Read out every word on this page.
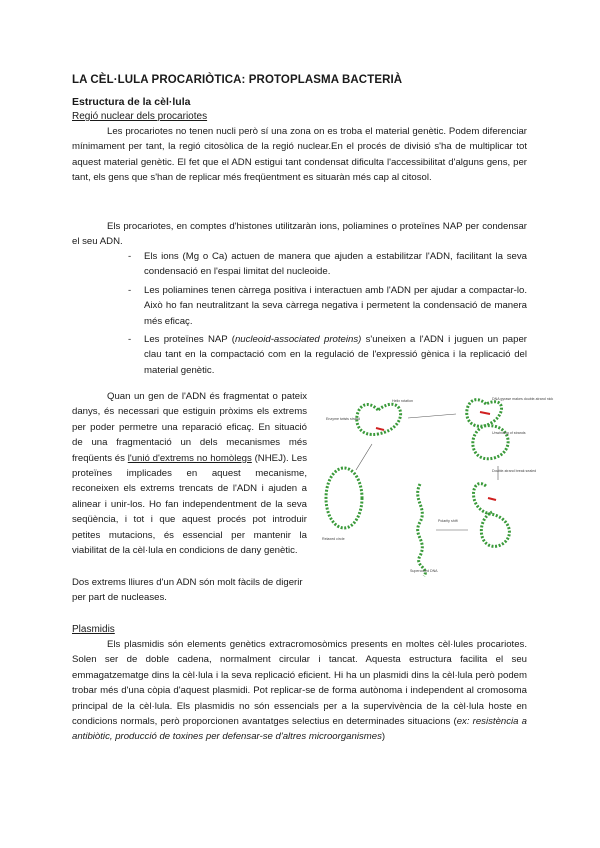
LA CÈL·LULA PROCARIÒTICA: PROTOPLASMA BACTERIÀ
Estructura de la cèl·lula
Regió nuclear dels procariotes

Les procariotes no tenen nucli però sí una zona on es troba el material genètic. Podem diferenciar mínimament per tant, la regió citosòlica de la regió nuclear.En el procés de divisió s'ha de multiplicar tot aquest material genètic. El fet que el ADN estigui tant condensat dificulta l'accessibilitat d'alguns gens, per tant, els gens que s'han de replicar més freqüentment es situaràn més cap al citosol.

Els procariotes, en comptes d'histones utilitzaràn ions, poliamines o proteïnes NAP per condensar el seu ADN.

- Els ions (Mg o Ca) actuen de manera que ajuden a estabilitzar l'ADN, facilitant la seva condensació en l'espai limitat del nucleoide.
- Les poliamines tenen càrrega positiva i interactuen amb l'ADN per ajudar a compactar-lo. Això ho fan neutralitzant la seva càrrega negativa i permetent la condensació de manera més eficaç.
- Les proteïnes NAP (nucleoid-associated proteins) s'uneixen a l'ADN i juguen un paper clau tant en la compactació com en la regulació de l'expressió gènica i la replicació del material genètic.

Quan un gen de l'ADN és fragmentat o pateix danys, és necessari que estiguin pròxims els extrems per poder permetre una reparació eficaç. En situació de una fragmentació un dels mecanismes més freqüents és l'unió d'extrems no homòlegs (NHEJ). Les proteïnes implicades en aquest mecanisme, reconeixen els extrems trencats de l'ADN i ajuden a alinear i unir-los. Ho fan independentment de la seva seqüència, i tot i que aquest procés pot introduir petites mutacions, és essencial per mantenir la viabilitat de la cèl·lula en condicions de dany genètic.

Dos extrems lliures d'un ADN són molt fàcils de digerir per part de nucleases.

Relaxed circle
Supercoiled DNA
DNA gyrase makes double-strand nick
Unwinding of strands
Enzyme twists strand
Helix rotation
Double-strand break sealed
Polarity shift
Plasmidis

Els plasmidis són elements genètics extracromosòmics presents en moltes cèl·lules procariotes. Solen ser de doble cadena, normalment circular i tancat. Aquesta estructura facilita el seu emmagatzematge dins la cèl·lula i la seva replicació eficient. Hi ha un plasmidi dins la cèl·lula però podem trobar més d'una còpia d'aquest plasmidi. Pot replicar-se de forma autònoma i independent al cromosoma principal de la cèl·lula. Els plasmidis no són essencials per a la supervivència de la cèl·lula hoste en condicions normals, però proporcionen avantatges selectius en determinades situacions (ex: resistència a antibiòtic, producció de toxines per defensar-se d'altres microorganismes)
